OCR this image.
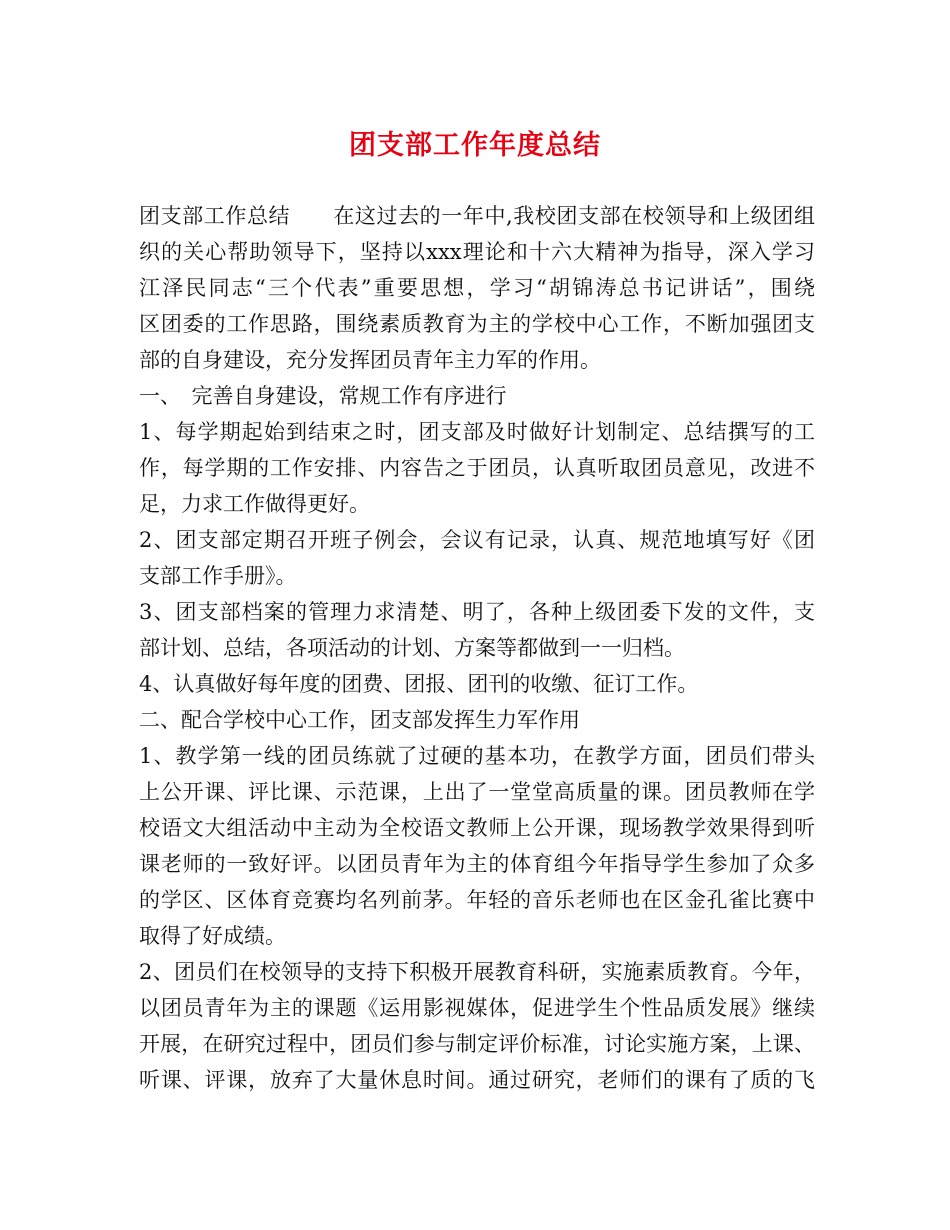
团支部工作年度总结
团支部工作总结　　在这过去的一年中,我校团支部在校领导和上级团组
织的关心帮助领导下，坚持以xxx理论和十六大精神为指导，深入学习
江泽民同志“三个代表”重要思想，学习“胡锦涛总书记讲话”，围绕
区团委的工作思路，围绕素质教育为主的学校中心工作，不断加强团支
部的自身建设，充分发挥团员青年主力军的作用。
一、　完善自身建设，常规工作有序进行
1、每学期起始到结束之时，团支部及时做好计划制定、总结撰写的工
作，每学期的工作安排、内容告之于团员，认真听取团员意见，改进不
足，力求工作做得更好。
2、团支部定期召开班子例会，会议有记录，认真、规范地填写好《团
支部工作手册》。
3、团支部档案的管理力求清楚、明了，各种上级团委下发的文件，支
部计划、总结，各项活动的计划、方案等都做到一一归档。
4、认真做好每年度的团费、团报、团刊的收缴、征订工作。
二、配合学校中心工作，团支部发挥生力军作用
1、教学第一线的团员练就了过硬的基本功，在教学方面，团员们带头
上公开课、评比课、示范课，上出了一堂堂高质量的课。团员教师在学
校语文大组活动中主动为全校语文教师上公开课，现场教学效果得到听
课老师的一致好评。以团员青年为主的体育组今年指导学生参加了众多
的学区、区体育竞赛均名列前茅。年轻的音乐老师也在区金孔雀比赛中
取得了好成绩。
2、团员们在校领导的支持下积极开展教育科研，实施素质教育。今年，
以团员青年为主的课题《运用影视媒体，促进学生个性品质发展》继续
开展，在研究过程中，团员们参与制定评价标准，讨论实施方案，上课、
听课、评课，放弃了大量休息时间。通过研究，老师们的课有了质的飞
